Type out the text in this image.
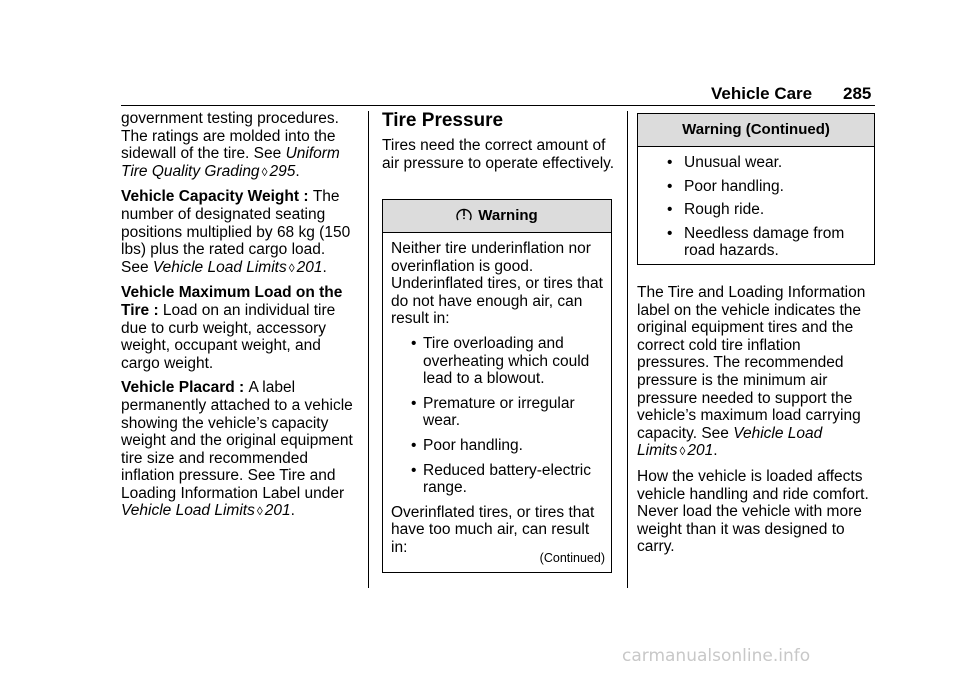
Vehicle Care 285

government testing procedures. The ratings are molded into the sidewall of the tire. See Uniform Tire Quality Grading ◊ 295.

Vehicle Capacity Weight : The number of designated seating positions multiplied by 68 kg (150 lbs) plus the rated cargo load. See Vehicle Load Limits ◊ 201.

Vehicle Maximum Load on the Tire : Load on an individual tire due to curb weight, accessory weight, occupant weight, and cargo weight.

Vehicle Placard : A label permanently attached to a vehicle showing the vehicle’s capacity weight and the original equipment tire size and recommended inflation pressure. See Tire and Loading Information Label under Vehicle Load Limits ◊ 201.

Tire Pressure

Tires need the correct amount of air pressure to operate effectively.

Warning

Neither tire underinflation nor overinflation is good. Underinflated tires, or tires that do not have enough air, can result in:

• Tire overloading and overheating which could lead to a blowout.
• Premature or irregular wear.
• Poor handling.
• Reduced battery-electric range.

Overinflated tires, or tires that have too much air, can result in:

(Continued)
Warning (Continued)
• Unusual wear.
• Poor handling.
• Rough ride.
• Needless damage from road hazards.

The Tire and Loading Information label on the vehicle indicates the original equipment tires and the correct cold tire inflation pressures. The recommended pressure is the minimum air pressure needed to support the vehicle’s maximum load carrying capacity. See Vehicle Load Limits ◊ 201.

How the vehicle is loaded affects vehicle handling and ride comfort. Never load the vehicle with more weight than it was designed to carry.

carmanualsonline.info
